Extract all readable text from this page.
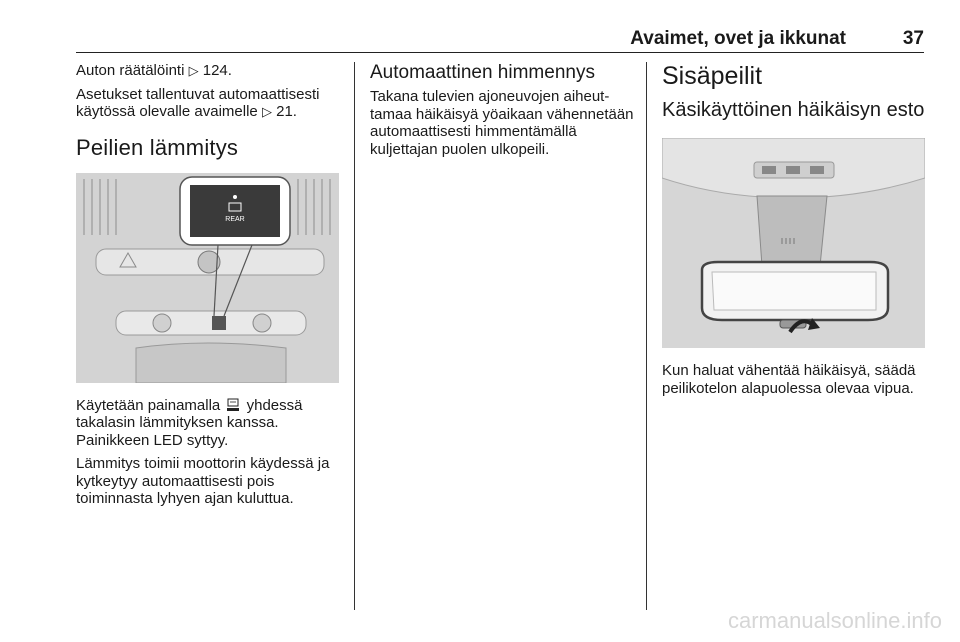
Avaimet, ovet ja ikkunat	37

Auton räätälöinti ▷ 124.

Asetukset tallentuvat automaattisesti käytössä olevalle avaimelle ▷ 21.

Peilien lämmitys
REAR

Käytetään painamalla yhdessä takalasin lämmityksen kanssa. Painikkeen LED syttyy.

Lämmitys toimii moottorin käydessä ja kytkeytyy automaattisesti pois toiminnasta lyhyen ajan kuluttua.

Automaattinen himmennys

Takana tulevien ajoneuvojen aiheuttamaa häikäisyä yöaikaan vähennetään automaattisesti himmentämällä kuljettajan puolen ulkopeili.

Sisäpeilit
Käsikäyttöinen häikäisyn esto

Kun haluat vähentää häikäisyä, säädä peilikotelon alapuolessa olevaa vipua.

carmanualsonline.info
